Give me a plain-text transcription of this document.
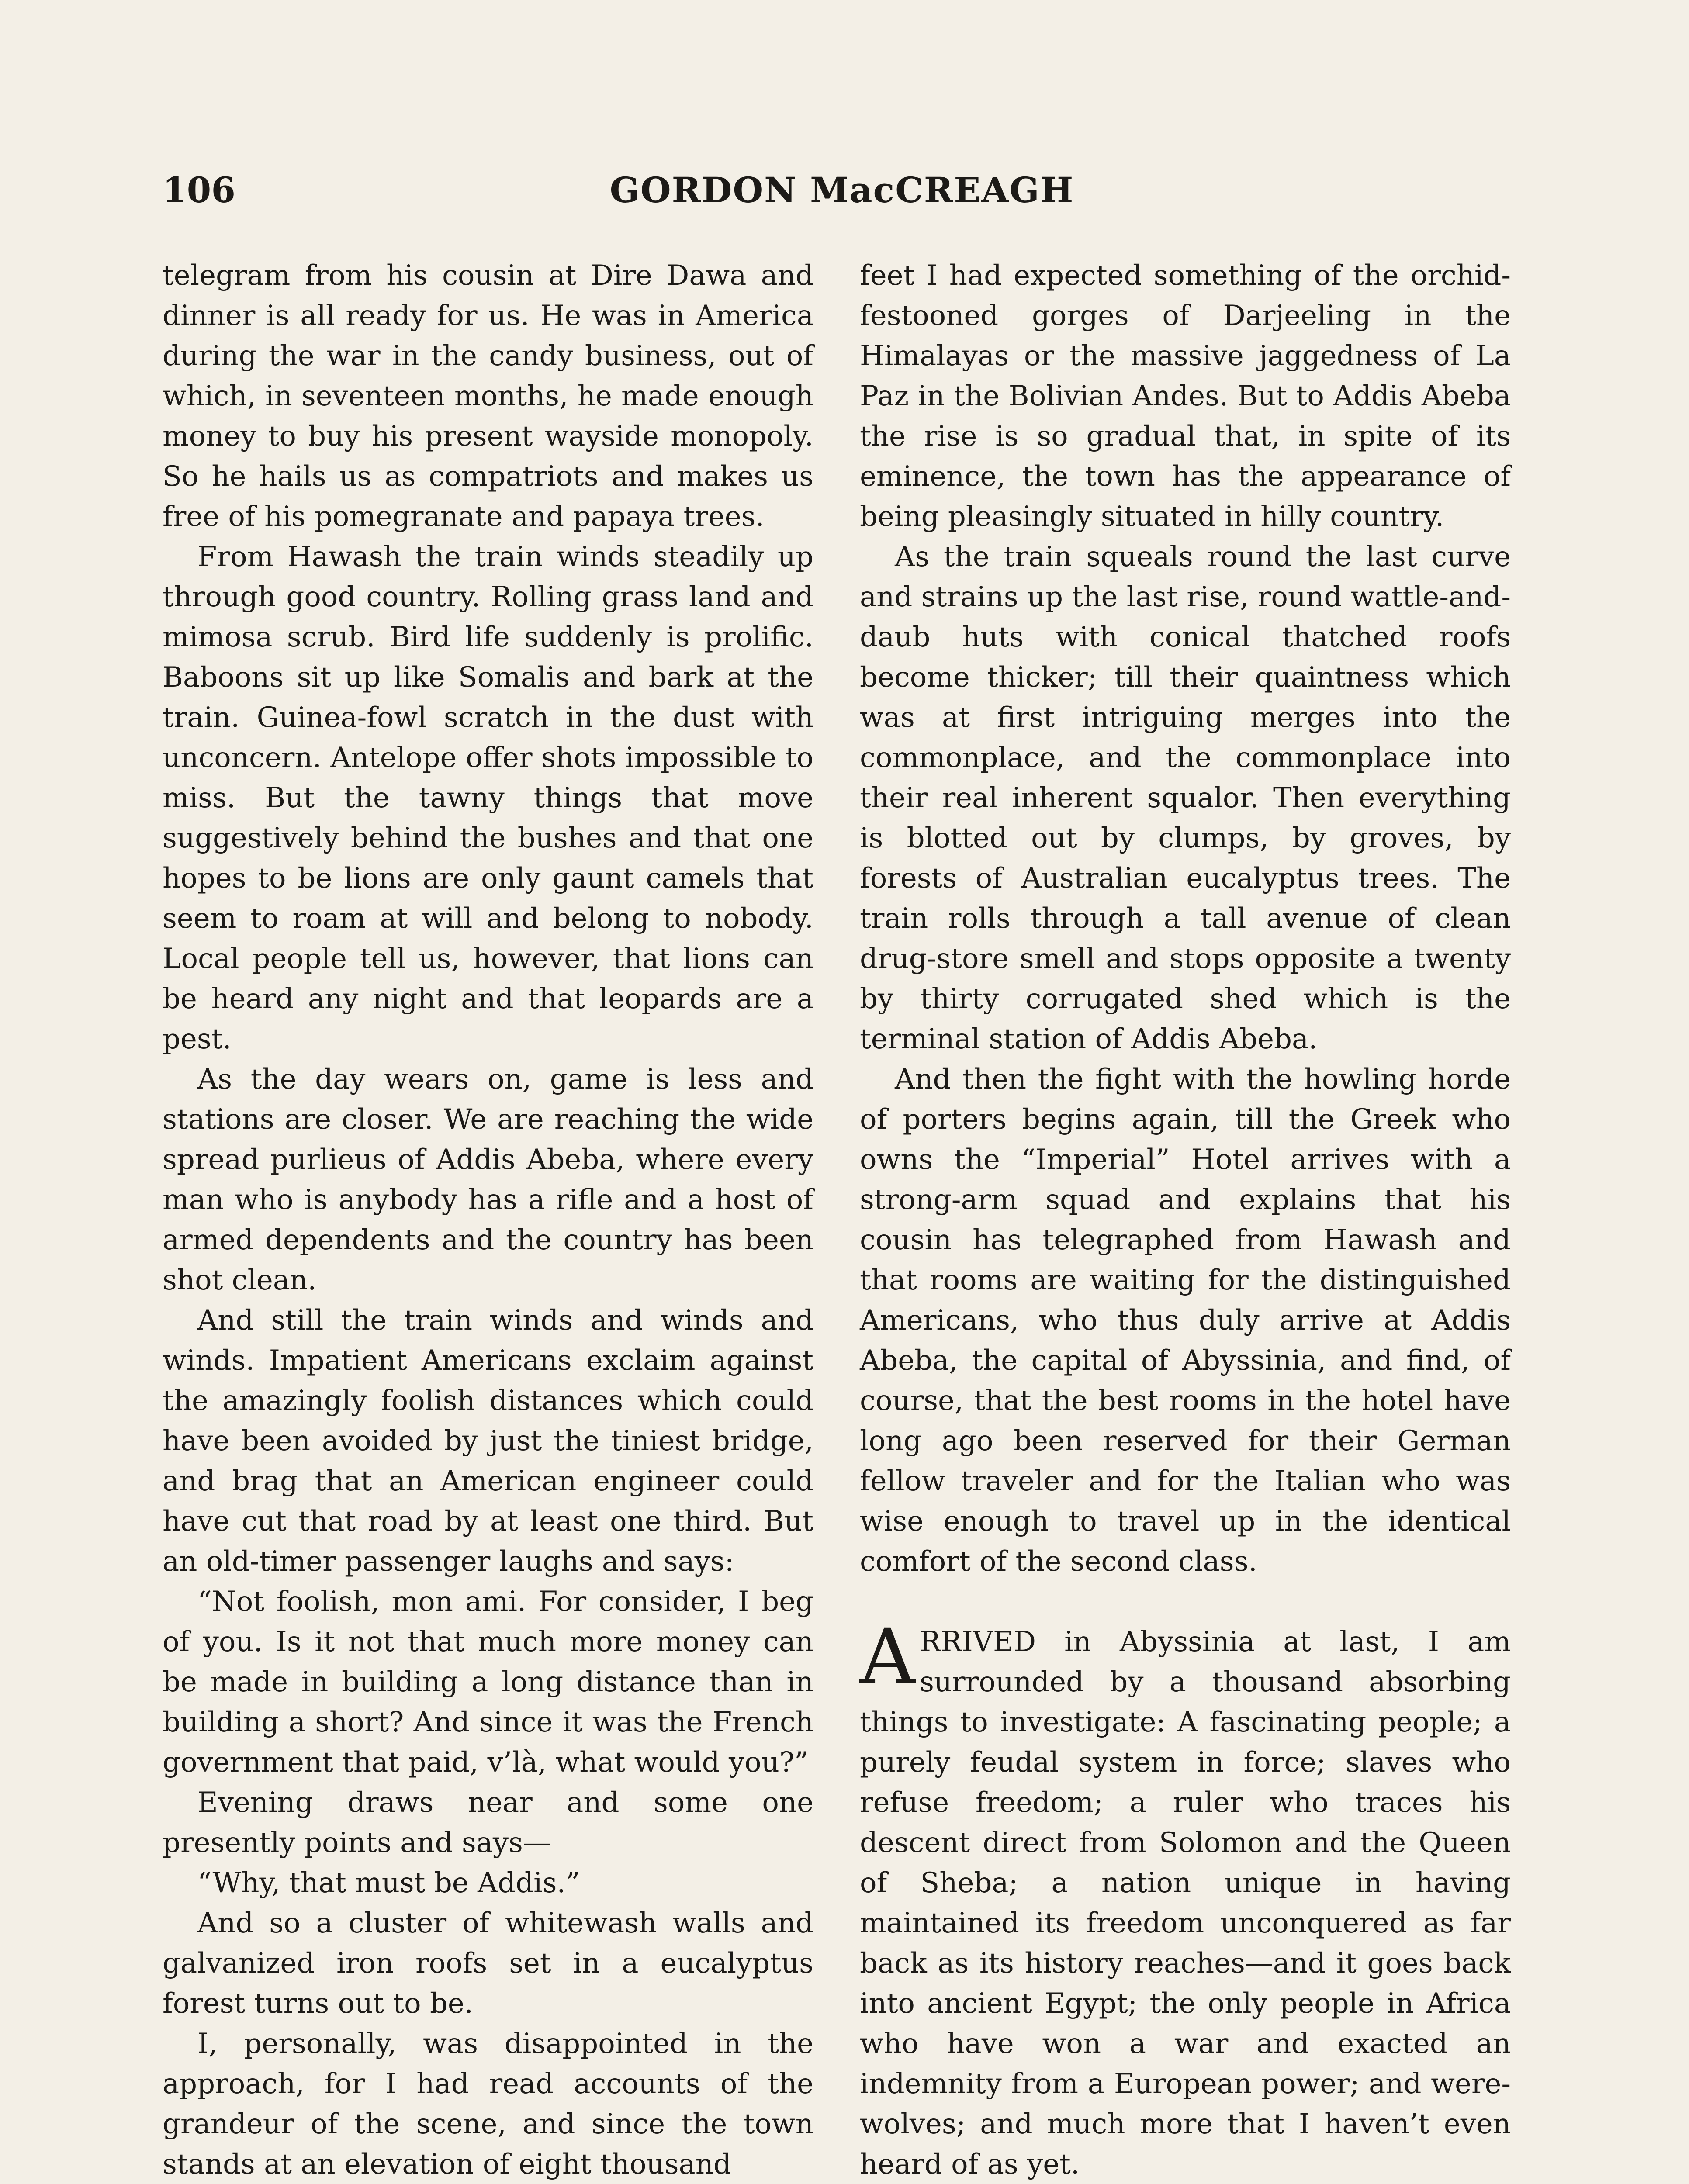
106	GORDON MacCREAGH

telegram from his cousin at Dire Dawa and dinner is all ready for us. He was in America during the war in the candy business, out of which, in seventeen months, he made enough money to buy his present wayside monopoly. So he hails us as compatriots and makes us free of his pomegranate and papaya trees.

From Hawash the train winds steadily up through good country. Rolling grass land and mimosa scrub. Bird life suddenly is prolific. Baboons sit up like Somalis and bark at the train. Guinea-fowl scratch in the dust with unconcern. Antelope offer shots impossible to miss. But the tawny things that move suggestively behind the bushes and that one hopes to be lions are only gaunt camels that seem to roam at will and belong to nobody. Local people tell us, however, that lions can be heard any night and that leopards are a pest.

As the day wears on, game is less and stations are closer. We are reaching the wide spread purlieus of Addis Abeba, where every man who is anybody has a rifle and a host of armed dependents and the country has been shot clean.

And still the train winds and winds and winds. Impatient Americans exclaim against the amazingly foolish distances which could have been avoided by just the tiniest bridge, and brag that an American engineer could have cut that road by at least one third. But an old-timer passenger laughs and says:

“Not foolish, mon ami. For consider, I beg of you. Is it not that much more money can be made in building a long distance than in building a short? And since it was the French government that paid, v’là, what would you?”

Evening draws near and some one presently points and says—

“Why, that must be Addis.”

And so a cluster of whitewash walls and galvanized iron roofs set in a eucalyptus forest turns out to be.

I, personally, was disappointed in the approach, for I had read accounts of the grandeur of the scene, and since the town stands at an elevation of eight thousand

feet I had expected something of the orchid-festooned gorges of Darjeeling in the Himalayas or the massive jaggedness of La Paz in the Bolivian Andes. But to Addis Abeba the rise is so gradual that, in spite of its eminence, the town has the appearance of being pleasingly situated in hilly country.

As the train squeals round the last curve and strains up the last rise, round wattle-and-daub huts with conical thatched roofs become thicker; till their quaintness which was at first intriguing merges into the commonplace, and the commonplace into their real inherent squalor. Then everything is blotted out by clumps, by groves, by forests of Australian eucalyptus trees. The train rolls through a tall avenue of clean drug-store smell and stops opposite a twenty by thirty corrugated shed which is the terminal station of Addis Abeba.

And then the fight with the howling horde of porters begins again, till the Greek who owns the “Imperial” Hotel arrives with a strong-arm squad and explains that his cousin has telegraphed from Hawash and that rooms are waiting for the distinguished Americans, who thus duly arrive at Addis Abeba, the capital of Abyssinia, and find, of course, that the best rooms in the hotel have long ago been reserved for their German fellow traveler and for the Italian who was wise enough to travel up in the identical comfort of the second class.

ARRIVED in Abyssinia at last, I am surrounded by a thousand absorbing things to investigate: A fascinating people; a purely feudal system in force; slaves who refuse freedom; a ruler who traces his descent direct from Solomon and the Queen of Sheba; a nation unique in having maintained its freedom unconquered as far back as its history reaches—and it goes back into ancient Egypt; the only people in Africa who have won a war and exacted an indemnity from a European power; and were-wolves; and much more that I haven’t even heard of as yet.
